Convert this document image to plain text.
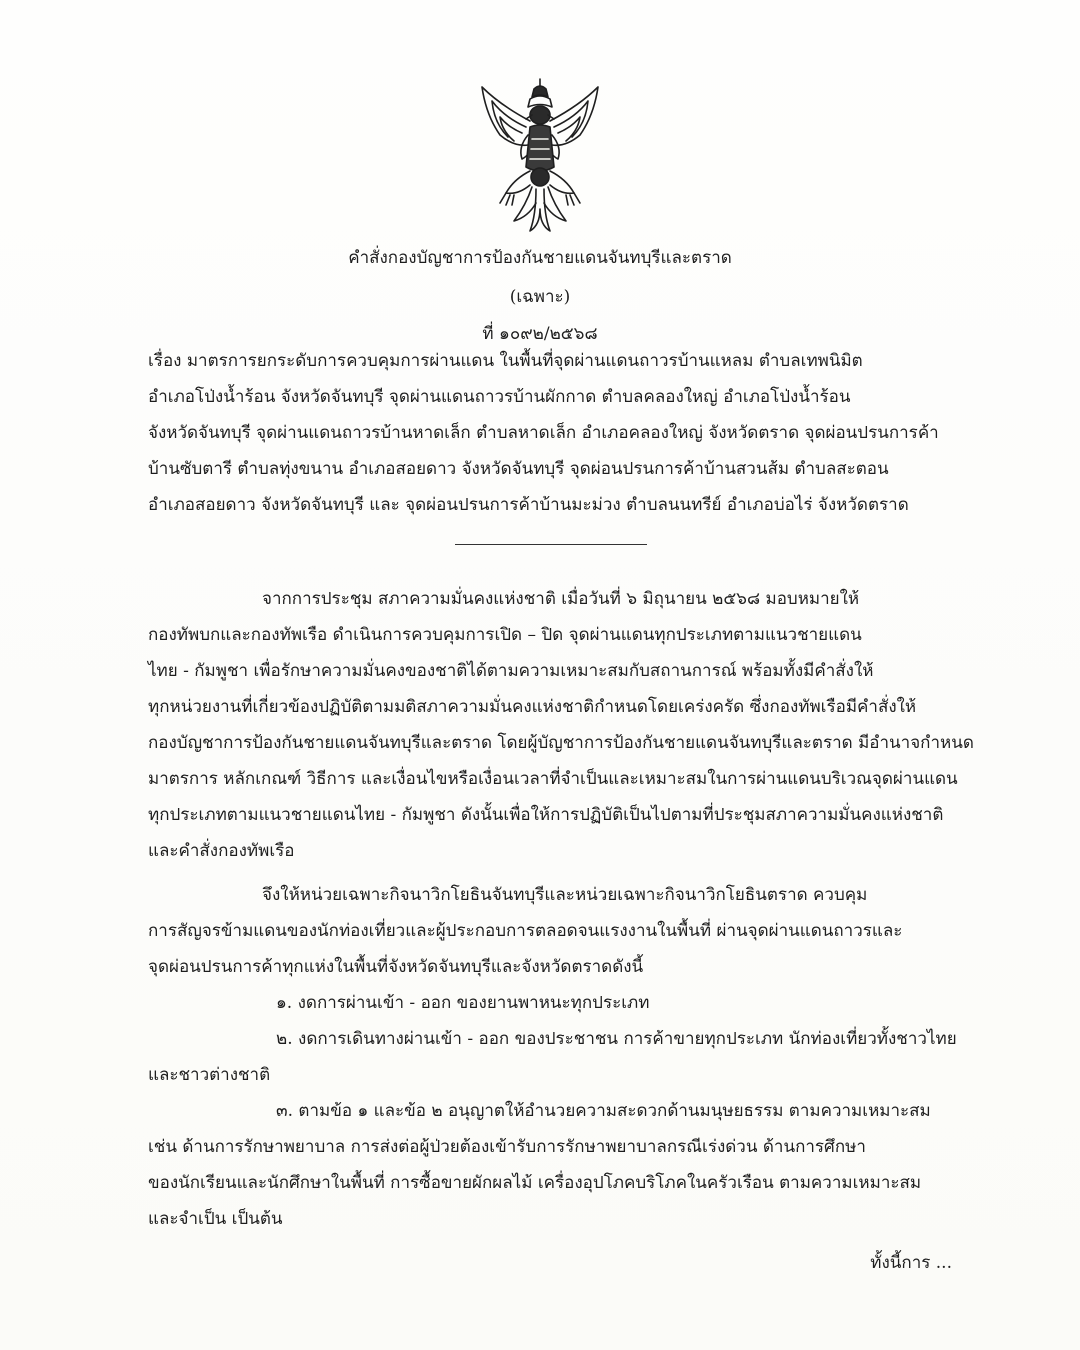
คำสั่งกองบัญชาการป้องกันชายแดนจันทบุรีและตราด
(เฉพาะ)
ที่ ๑๐๙๒/๒๕๖๘
เรื่อง มาตรการยกระดับการควบคุมการผ่านแดน ในพื้นที่จุดผ่านแดนถาวรบ้านแหลม ตำบลเทพนิมิต
อำเภอโป่งน้ำร้อน จังหวัดจันทบุรี จุดผ่านแดนถาวรบ้านผักกาด ตำบลคลองใหญ่ อำเภอโป่งน้ำร้อน
จังหวัดจันทบุรี จุดผ่านแดนถาวรบ้านหาดเล็ก ตำบลหาดเล็ก อำเภอคลองใหญ่ จังหวัดตราด จุดผ่อนปรนการค้า
บ้านซับตารี ตำบลทุ่งขนาน อำเภอสอยดาว จังหวัดจันทบุรี จุดผ่อนปรนการค้าบ้านสวนส้ม ตำบลสะตอน
อำเภอสอยดาว จังหวัดจันทบุรี และ จุดผ่อนปรนการค้าบ้านมะม่วง ตำบลนนทรีย์ อำเภอบ่อไร่ จังหวัดตราด
จากการประชุม สภาความมั่นคงแห่งชาติ เมื่อวันที่ ๖ มิถุนายน ๒๕๖๘ มอบหมายให้
กองทัพบกและกองทัพเรือ ดำเนินการควบคุมการเปิด – ปิด จุดผ่านแดนทุกประเภทตามแนวชายแดน
ไทย - กัมพูชา เพื่อรักษาความมั่นคงของชาติได้ตามความเหมาะสมกับสถานการณ์ พร้อมทั้งมีคำสั่งให้
ทุกหน่วยงานที่เกี่ยวข้องปฏิบัติตามมติสภาความมั่นคงแห่งชาติกำหนดโดยเคร่งครัด ซึ่งกองทัพเรือมีคำสั่งให้
กองบัญชาการป้องกันชายแดนจันทบุรีและตราด โดยผู้บัญชาการป้องกันชายแดนจันทบุรีและตราด มีอำนาจกำหนด
มาตรการ หลักเกณฑ์ วิธีการ และเงื่อนไขหรือเงื่อนเวลาที่จำเป็นและเหมาะสมในการผ่านแดนบริเวณจุดผ่านแดน
ทุกประเภทตามแนวชายแดนไทย - กัมพูชา ดังนั้นเพื่อให้การปฏิบัติเป็นไปตามที่ประชุมสภาความมั่นคงแห่งชาติ
และคำสั่งกองทัพเรือ
จึงให้หน่วยเฉพาะกิจนาวิกโยธินจันทบุรีและหน่วยเฉพาะกิจนาวิกโยธินตราด ควบคุม
การสัญจรข้ามแดนของนักท่องเที่ยวและผู้ประกอบการตลอดจนแรงงานในพื้นที่ ผ่านจุดผ่านแดนถาวรและ
จุดผ่อนปรนการค้าทุกแห่งในพื้นที่จังหวัดจันทบุรีและจังหวัดตราดดังนี้
๑. งดการผ่านเข้า - ออก ของยานพาหนะทุกประเภท
๒. งดการเดินทางผ่านเข้า - ออก ของประชาชน การค้าขายทุกประเภท นักท่องเที่ยวทั้งชาวไทย
และชาวต่างชาติ
๓. ตามข้อ ๑ และข้อ ๒ อนุญาตให้อำนวยความสะดวกด้านมนุษยธรรม ตามความเหมาะสม
เช่น ด้านการรักษาพยาบาล การส่งต่อผู้ป่วยต้องเข้ารับการรักษาพยาบาลกรณีเร่งด่วน ด้านการศึกษา
ของนักเรียนและนักศึกษาในพื้นที่ การซื้อขายผักผลไม้ เครื่องอุปโภคบริโภคในครัวเรือน ตามความเหมาะสม
และจำเป็น เป็นต้น
ทั้งนี้การ ...
